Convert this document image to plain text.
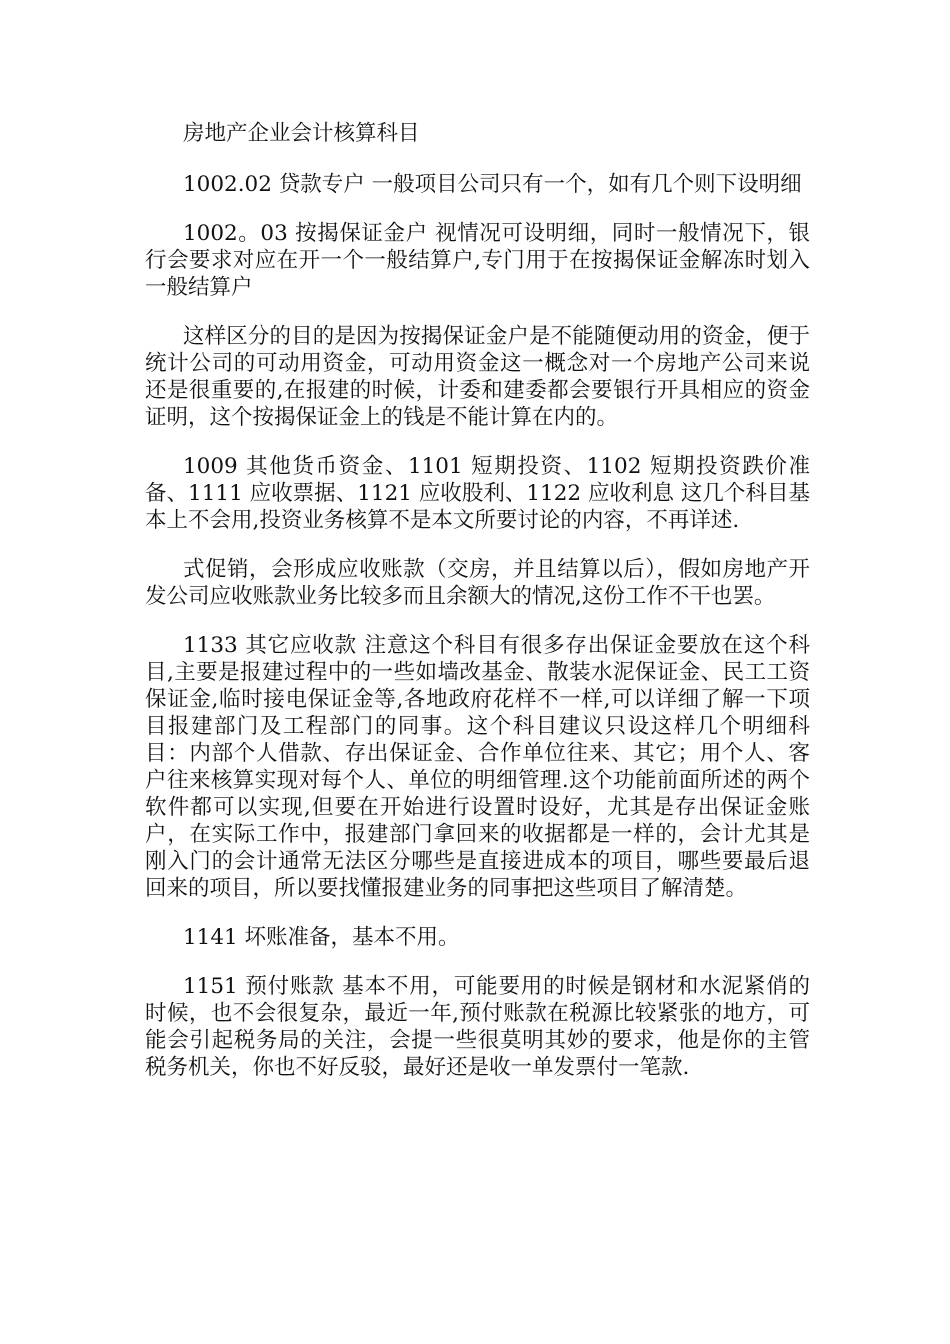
房地产企业会计核算科目

1002.02 贷款专户 一般项目公司只有一个，如有几个则下设明细

1002。03 按揭保证金户 视情况可设明细，同时一般情况下，银行会要求对应在开一个一般结算户,专门用于在按揭保证金解冻时划入一般结算户

这样区分的目的是因为按揭保证金户是不能随便动用的资金，便于统计公司的可动用资金，可动用资金这一概念对一个房地产公司来说还是很重要的,在报建的时候，计委和建委都会要银行开具相应的资金证明，这个按揭保证金上的钱是不能计算在内的。

1009 其他货币资金、1101 短期投资、1102 短期投资跌价准备、1111 应收票据、1121 应收股利、1122 应收利息 这几个科目基本上不会用,投资业务核算不是本文所要讨论的内容，不再详述.

式促销，会形成应收账款（交房，并且结算以后），假如房地产开发公司应收账款业务比较多而且余额大的情况,这份工作不干也罢。

1133 其它应收款 注意这个科目有很多存出保证金要放在这个科目,主要是报建过程中的一些如墙改基金、散装水泥保证金、民工工资保证金,临时接电保证金等,各地政府花样不一样,可以详细了解一下项目报建部门及工程部门的同事。这个科目建议只设这样几个明细科目：内部个人借款、存出保证金、合作单位往来、其它；用个人、客户往来核算实现对每个人、单位的明细管理.这个功能前面所述的两个软件都可以实现,但要在开始进行设置时设好，尤其是存出保证金账户，在实际工作中，报建部门拿回来的收据都是一样的，会计尤其是刚入门的会计通常无法区分哪些是直接进成本的项目，哪些要最后退回来的项目，所以要找懂报建业务的同事把这些项目了解清楚。

1141 坏账准备，基本不用。

1151 预付账款 基本不用，可能要用的时候是钢材和水泥紧俏的时候，也不会很复杂，最近一年,预付账款在税源比较紧张的地方，可能会引起税务局的关注，会提一些很莫明其妙的要求，他是你的主管税务机关，你也不好反驳，最好还是收一单发票付一笔款.
